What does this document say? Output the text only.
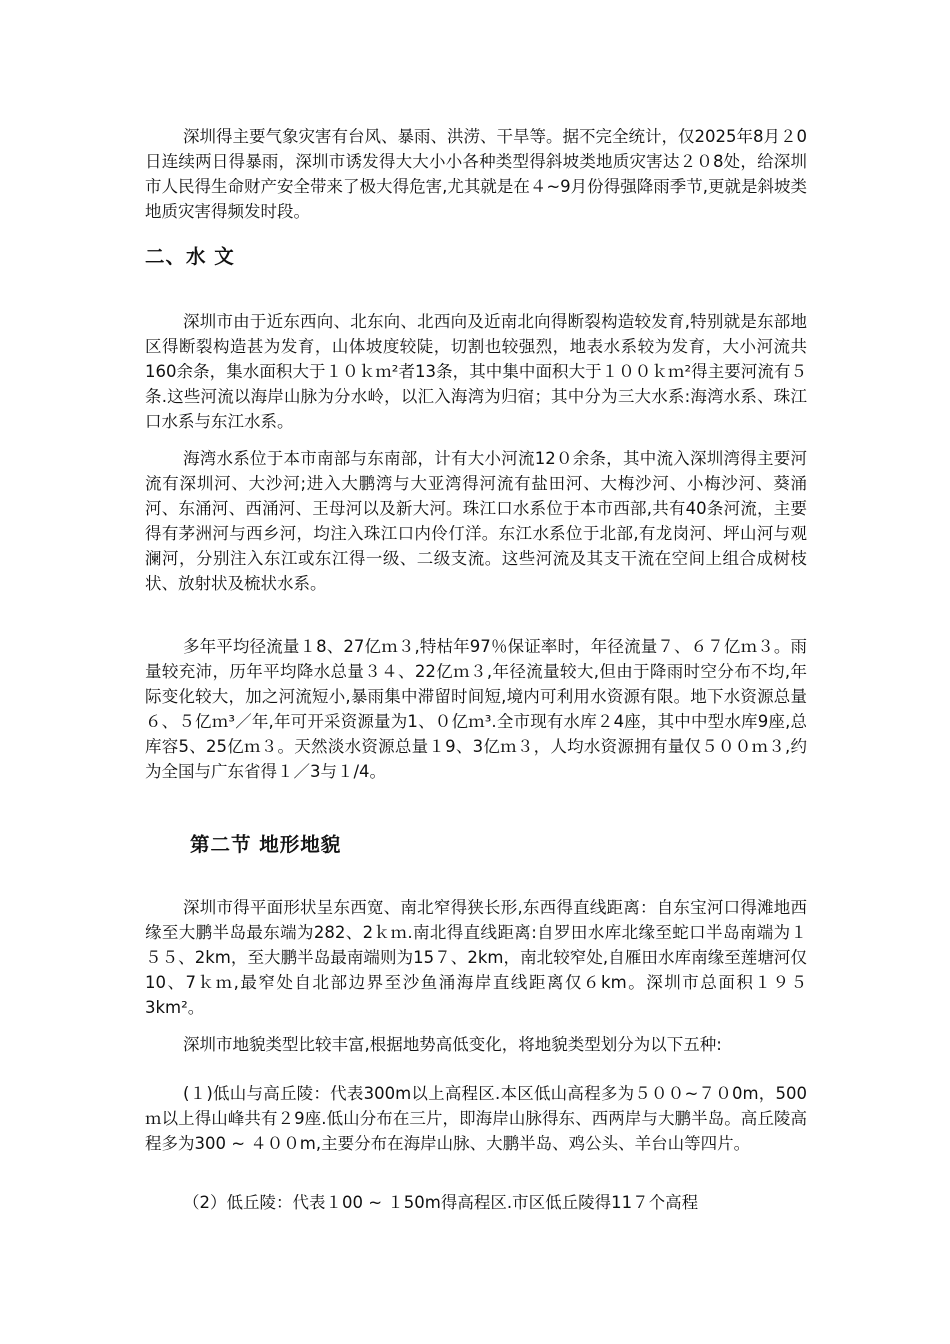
深圳得主要气象灾害有台风、暴雨、洪涝、干旱等。据不完全统计，仅2025年8月２0日连续两日得暴雨，深圳市诱发得大大小小各种类型得斜坡类地质灾害达２０8处，给深圳市人民得生命财产安全带来了极大得危害,尤其就是在４~9月份得强降雨季节,更就是斜坡类地质灾害得频发时段。

二、水 文

深圳市由于近东西向、北东向、北西向及近南北向得断裂构造较发育,特别就是东部地区得断裂构造甚为发育，山体坡度较陡，切割也较强烈，地表水系较为发育，大小河流共160余条，集水面积大于１０ｋｍ²者13条，其中集中面积大于１００ｋｍ²得主要河流有５条.这些河流以海岸山脉为分水岭，以汇入海湾为归宿；其中分为三大水系:海湾水系、珠江口水系与东江水系。

海湾水系位于本市南部与东南部，计有大小河流12０余条，其中流入深圳湾得主要河流有深圳河、大沙河;进入大鹏湾与大亚湾得河流有盐田河、大梅沙河、小梅沙河、葵涌河、东涌河、西涌河、王母河以及新大河。珠江口水系位于本市西部,共有40条河流，主要得有茅洲河与西乡河，均注入珠江口内伶仃洋。东江水系位于北部,有龙岗河、坪山河与观澜河，分别注入东江或东江得一级、二级支流。这些河流及其支干流在空间上组合成树枝状、放射状及梳状水系。

多年平均径流量１8、27亿ｍ３,特枯年97％保证率时，年径流量７、６７亿ｍ３。雨量较充沛，历年平均降水总量３４、22亿ｍ３,年径流量较大,但由于降雨时空分布不均,年际变化较大，加之河流短小,暴雨集中滞留时间短,境内可利用水资源有限。地下水资源总量６、５亿ｍ³／年,年可开采资源量为1、０亿ｍ³.全市现有水库２4座，其中中型水库9座,总库容5、25亿ｍ３。天然淡水资源总量１9、3亿ｍ３，人均水资源拥有量仅５００ｍ３,约为全国与广东省得１／3与１/4。

第二节 地形地貌

深圳市得平面形状呈东西宽、南北窄得狭长形,东西得直线距离：自东宝河口得滩地西缘至大鹏半岛最东端为282、2ｋｍ.南北得直线距离:自罗田水库北缘至蛇口半岛南端为１５５、2km，至大鹏半岛最南端则为15７、2km，南北较窄处,自雁田水库南缘至莲塘河仅10、7ｋｍ,最窄处自北部边界至沙鱼涌海岸直线距离仅６km。深圳市总面积１９５3km²。

深圳市地貌类型比较丰富,根据地势高低变化，将地貌类型划分为以下五种:

(１)低山与高丘陵：代表300m以上高程区.本区低山高程多为５００~７０0m，500ｍ以上得山峰共有２9座.低山分布在三片，即海岸山脉得东、西两岸与大鹏半岛。高丘陵高程多为300 ~ ４００m,主要分布在海岸山脉、大鹏半岛、鸡公头、羊台山等四片。

（2）低丘陵：代表１00 ~ １50m得高程区.市区低丘陵得11７个高程
